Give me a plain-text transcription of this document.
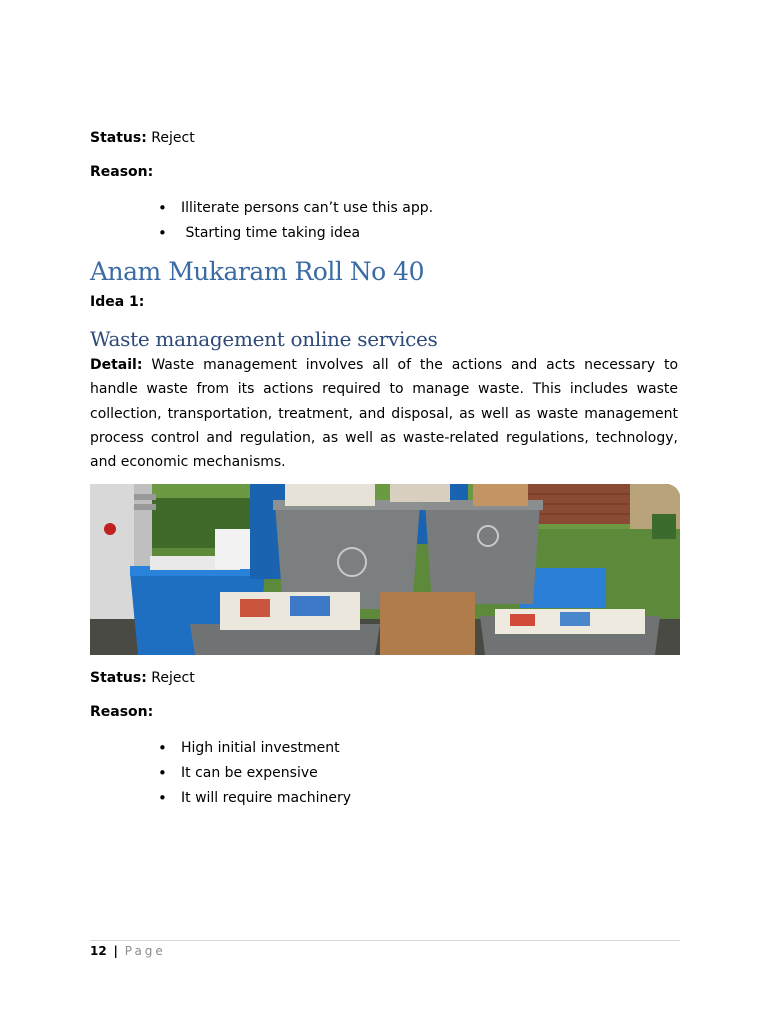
Status: Reject
Reason:
• Illiterate persons can’t use this app.
•  Starting time taking idea
Anam Mukaram Roll No 40
Idea 1:
Waste management online services
Detail: Waste management involves all of the actions and acts necessary to handle waste from its actions required to manage waste. This includes waste collection, transportation, treatment, and disposal, as well as waste management process control and regulation, as well as waste-related regulations, technology, and economic mechanisms.
Status: Reject
Reason:
• High initial investment
• It can be expensive
• It will require machinery
12 | Page
